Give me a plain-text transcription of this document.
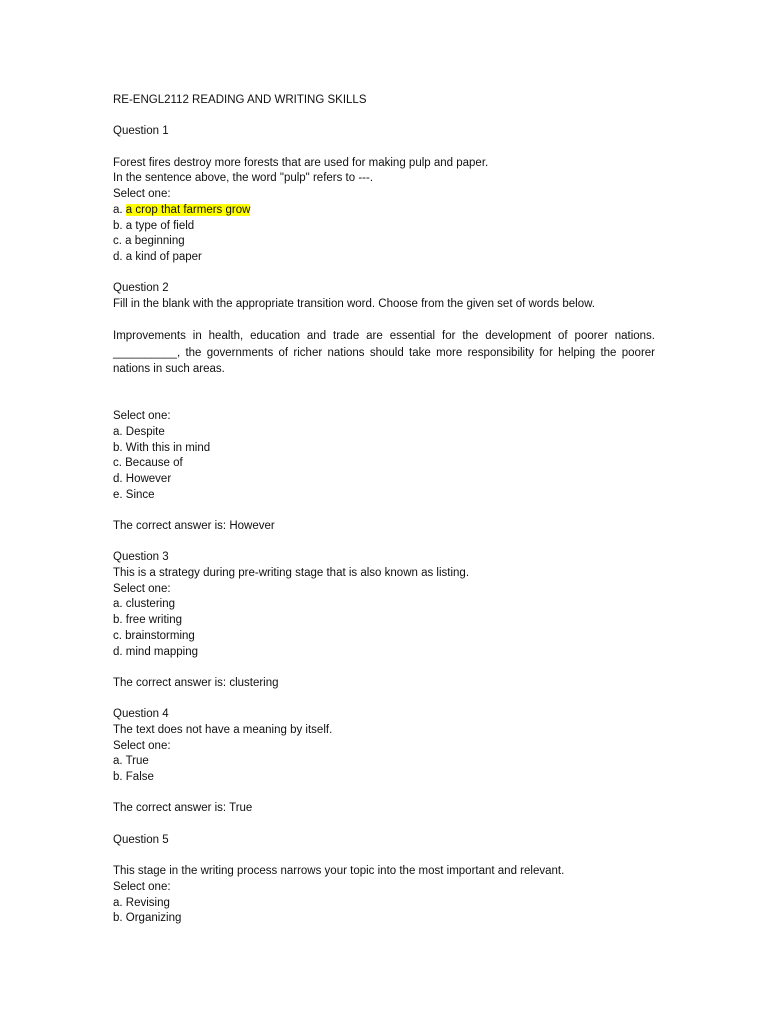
RE-ENGL2112 READING AND WRITING SKILLS
Question 1
Forest fires destroy more forests that are used for making pulp and paper.
In the sentence above, the word "pulp" refers to ---.
Select one:
a. a crop that farmers grow
b. a type of field
c. a beginning
d. a kind of paper
Question 2
Fill in the blank with the appropriate transition word. Choose from the given set of words below.

Improvements in health, education and trade are essential for the development of poorer nations. __________, the governments of richer nations should take more responsibility for helping the poorer nations in such areas.

Select one:
a. Despite
b. With this in mind
c. Because of
d. However
e. Since
The correct answer is: However
Question 3
This is a strategy during pre-writing stage that is also known as listing.
Select one:
a. clustering
b. free writing
c. brainstorming
d. mind mapping
The correct answer is: clustering
Question 4
The text does not have a meaning by itself.
Select one:
a. True
b. False
The correct answer is: True
Question 5
This stage in the writing process narrows your topic into the most important and relevant.
Select one:
a. Revising
b. Organizing
